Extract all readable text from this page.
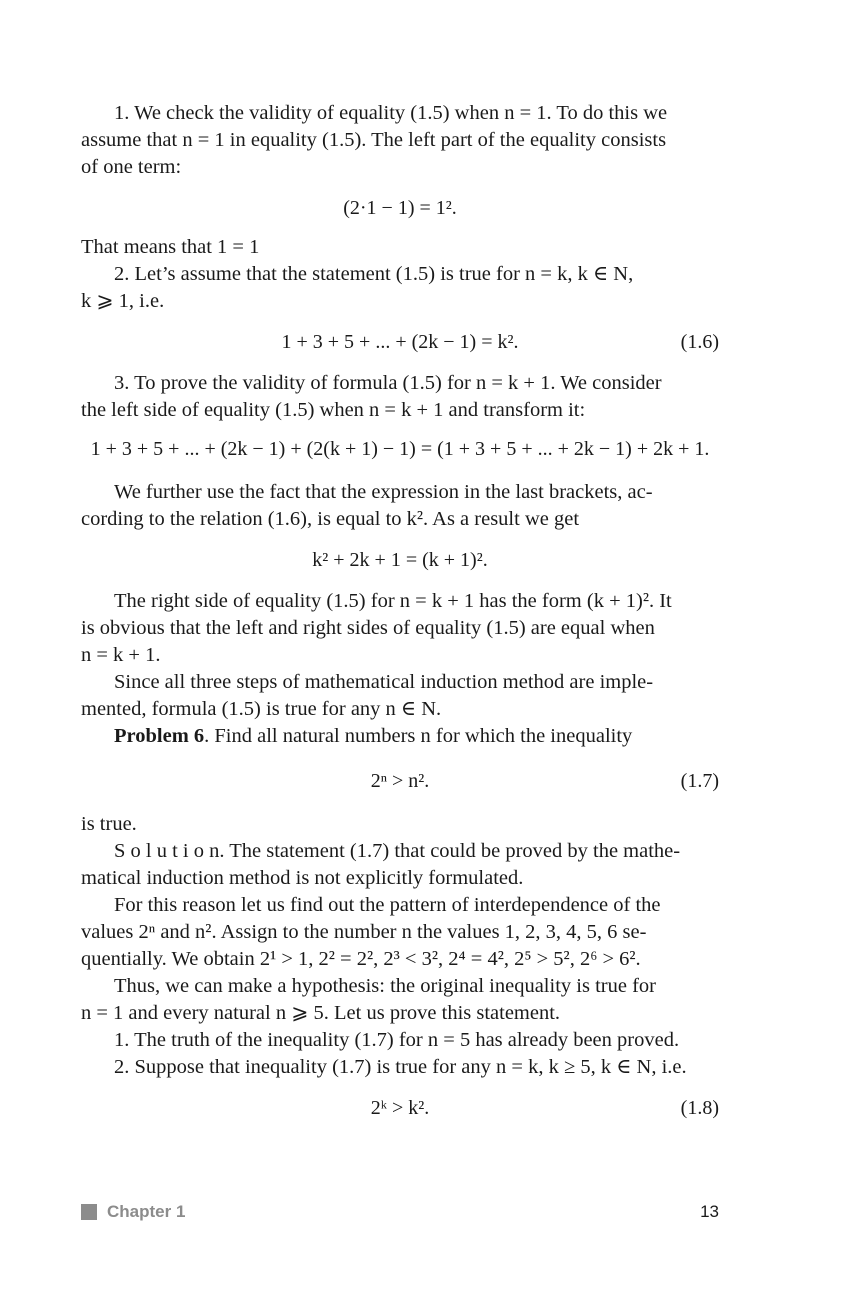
1. We check the validity of equality (1.5) when n = 1. To do this we

assume that n = 1 in equality (1.5). The left part of the equality consists

of one term:

(2·1 − 1) = 1².

That means that 1 = 1

2. Let’s assume that the statement (1.5) is true for n = k, k ∈ N,

k ⩾ 1, i.e.

1 + 3 + 5 + ... + (2k − 1) = k².	(1.6)

3. To prove the validity of formula (1.5) for n = k + 1. We consider

the left side of equality (1.5) when n = k + 1 and transform it:

1 + 3 + 5 + ... + (2k − 1) + (2(k + 1) − 1) = (1 + 3 + 5 + ... + 2k − 1) + 2k + 1.

We further use the fact that the expression in the last brackets, ac-

cording to the relation (1.6), is equal to k². As a result we get

k² + 2k + 1 = (k + 1)².

The right side of equality (1.5) for n = k + 1 has the form (k + 1)². It

is obvious that the left and right sides of equality (1.5) are equal when

n = k + 1.

Since all three steps of mathematical induction method are imple-

mented, formula (1.5) is true for any n ∈ N.

Problem 6. Find all natural numbers n for which the inequality

2ⁿ > n².	(1.7)

is true.

S o l u t i o n. The statement (1.7) that could be proved by the mathe-

matical induction method is not explicitly formulated.

For this reason let us find out the pattern of interdependence of the

values 2ⁿ and n². Assign to the number n the values 1, 2, 3, 4, 5, 6 se-

quentially. We obtain 2¹ > 1, 2² = 2², 2³ < 3², 2⁴ = 4², 2⁵ > 5², 2⁶ > 6².

Thus, we can make a hypothesis: the original inequality is true for

n = 1 and every natural n ⩾ 5. Let us prove this statement.

1. The truth of the inequality (1.7) for n = 5 has already been proved.

2. Suppose that inequality (1.7) is true for any n = k, k ≥ 5, k ∈ N, i.e.

2ᵏ > k².	(1.8)
Chapter 1	13
